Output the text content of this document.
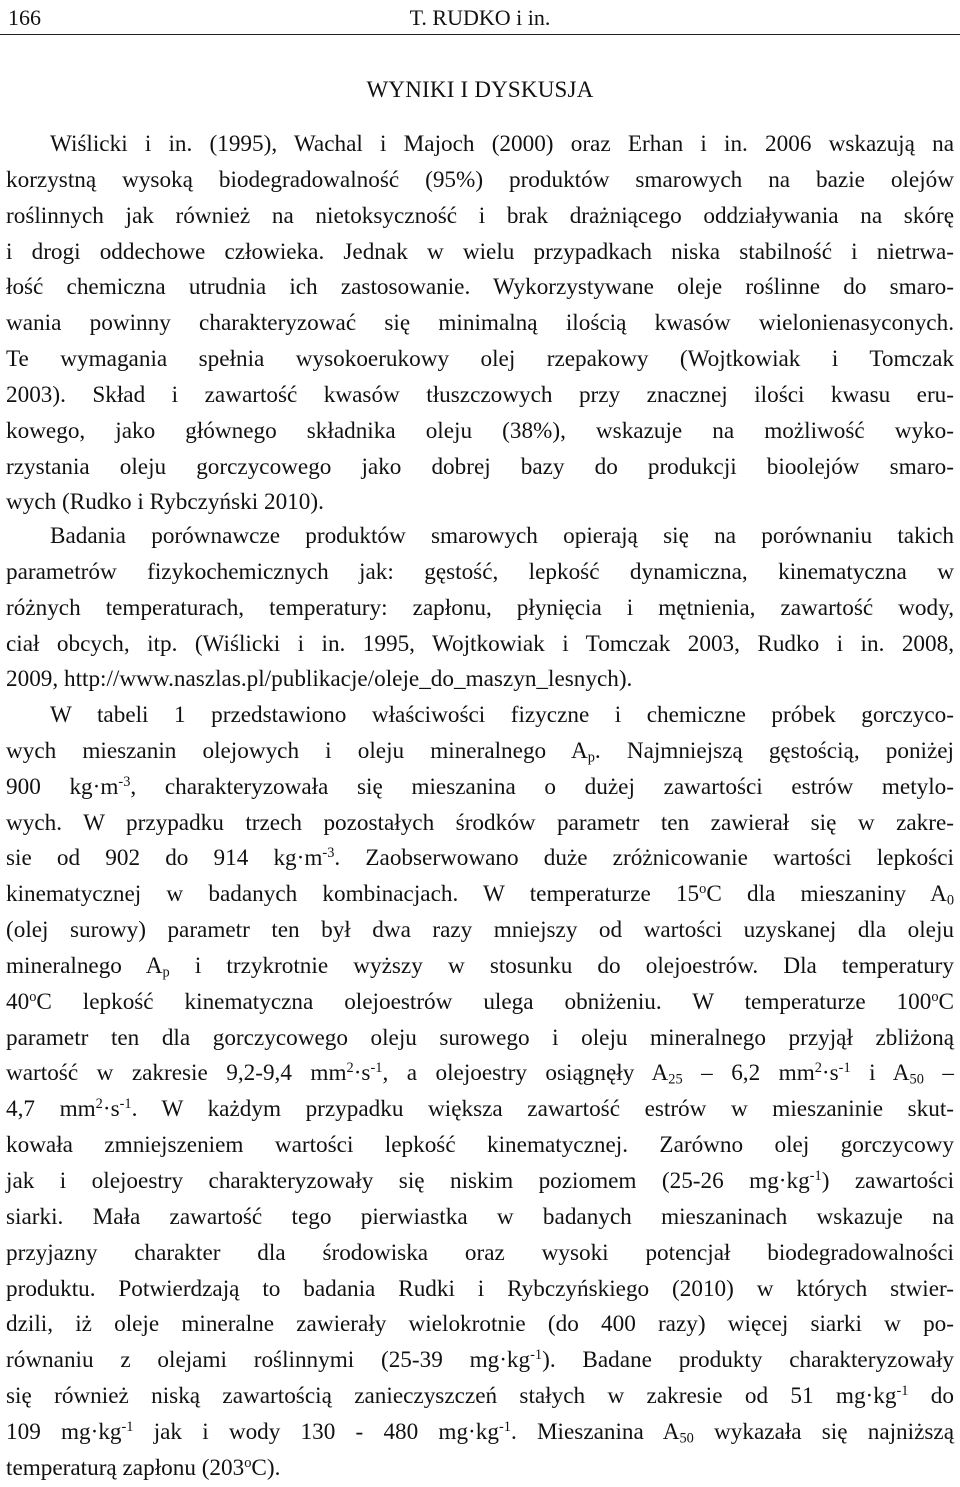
166	T. RUDKO i in.
WYNIKI I DYSKUSJA
Wiślicki i in. (1995), Wachal i Majoch (2000) oraz Erhan i in. 2006 wskazują na
korzystną wysoką biodegradowalność (95%) produktów smarowych na bazie olejów
roślinnych jak również na nietoksyczność i brak drażniącego oddziaływania na skórę
i drogi oddechowe człowieka. Jednak w wielu przypadkach niska stabilność i nietrwa-
łość chemiczna utrudnia ich zastosowanie. Wykorzystywane oleje roślinne do smaro-
wania powinny charakteryzować się minimalną ilością kwasów wielonienasyconych.
Te wymagania spełnia wysokoerukowy olej rzepakowy (Wojtkowiak i Tomczak
2003). Skład i zawartość kwasów tłuszczowych przy znacznej ilości kwasu eru-
kowego, jako głównego składnika oleju (38%), wskazuje na możliwość wyko-
rzystania oleju gorczycowego jako dobrej bazy do produkcji bioolejów smaro-
wych (Rudko i Rybczyński 2010).
Badania porównawcze produktów smarowych opierają się na porównaniu takich
parametrów fizykochemicznych jak: gęstość, lepkość dynamiczna, kinematyczna w
różnych temperaturach, temperatury: zapłonu, płynięcia i mętnienia, zawartość wody,
ciał obcych, itp. (Wiślicki i in. 1995, Wojtkowiak i Tomczak 2003, Rudko i in. 2008,
2009, http://www.naszlas.pl/publikacje/oleje_do_maszyn_lesnych).
W tabeli 1 przedstawiono właściwości fizyczne i chemiczne próbek gorczyco-
wych mieszanin olejowych i oleju mineralnego $A_p$. Najmniejszą gęstością, poniżej
900 $kg\cdot m^{-3}$, charakteryzowała się mieszanina o dużej zawartości estrów metylo-
wych. W przypadku trzech pozostałych środków parametr ten zawierał się w zakre-
sie od 902 do 914 $kg\cdot m^{-3}$. Zaobserwowano duże zróżnicowanie wartości lepkości
kinematycznej w badanych kombinacjach. W temperaturze 15$^o$C dla mieszaniny $A_0$
(olej surowy) parametr ten był dwa razy mniejszy od wartości uzyskanej dla oleju
mineralnego $A_p$ i trzykrotnie wyższy w stosunku do olejoestrów. Dla temperatury
40$^o$C lepkość kinematyczna olejoestrów ulega obniżeniu. W temperaturze 100$^o$C
parametr ten dla gorczycowego oleju surowego i oleju mineralnego przyjął zbliżoną
wartość w zakresie 9,2-9,4 $mm^2\cdot s^{-1}$, a olejoestry osiągnęły $A_{25} - 6,2$ $mm^2\cdot s^{-1}$ i $A_{50}$ –
4,7 $mm^2\cdot s^{-1}$. W każdym przypadku większa zawartość estrów w mieszaninie skut-
kowała zmniejszeniem wartości lepkość kinematycznej. Zarówno olej gorczycowy
jak i olejoestry charakteryzowały się niskim poziomem (25-26 $mg\cdot kg^{-1}$) zawartości
siarki. Mała zawartość tego pierwiastka w badanych mieszaninach wskazuje na
przyjazny charakter dla środowiska oraz wysoki potencjał biodegradowalności
produktu. Potwierdzają to badania Rudki i Rybczyńskiego (2010) w których stwier-
dzili, iż oleje mineralne zawierały wielokrotnie (do 400 razy) więcej siarki w po-
równaniu z olejami roślinnymi (25-39 $mg\cdot kg^{-1}$). Badane produkty charakteryzowały
się również niską zawartością zanieczyszczeń stałych w zakresie od 51 $mg\cdot kg^{-1}$ do
109 $mg\cdot kg^{-1}$ jak i wody 130 - 480 $mg\cdot kg^{-1}$. Mieszanina $A_{50}$ wykazała się najniższą
temperaturą zapłonu (203$^o$C).
